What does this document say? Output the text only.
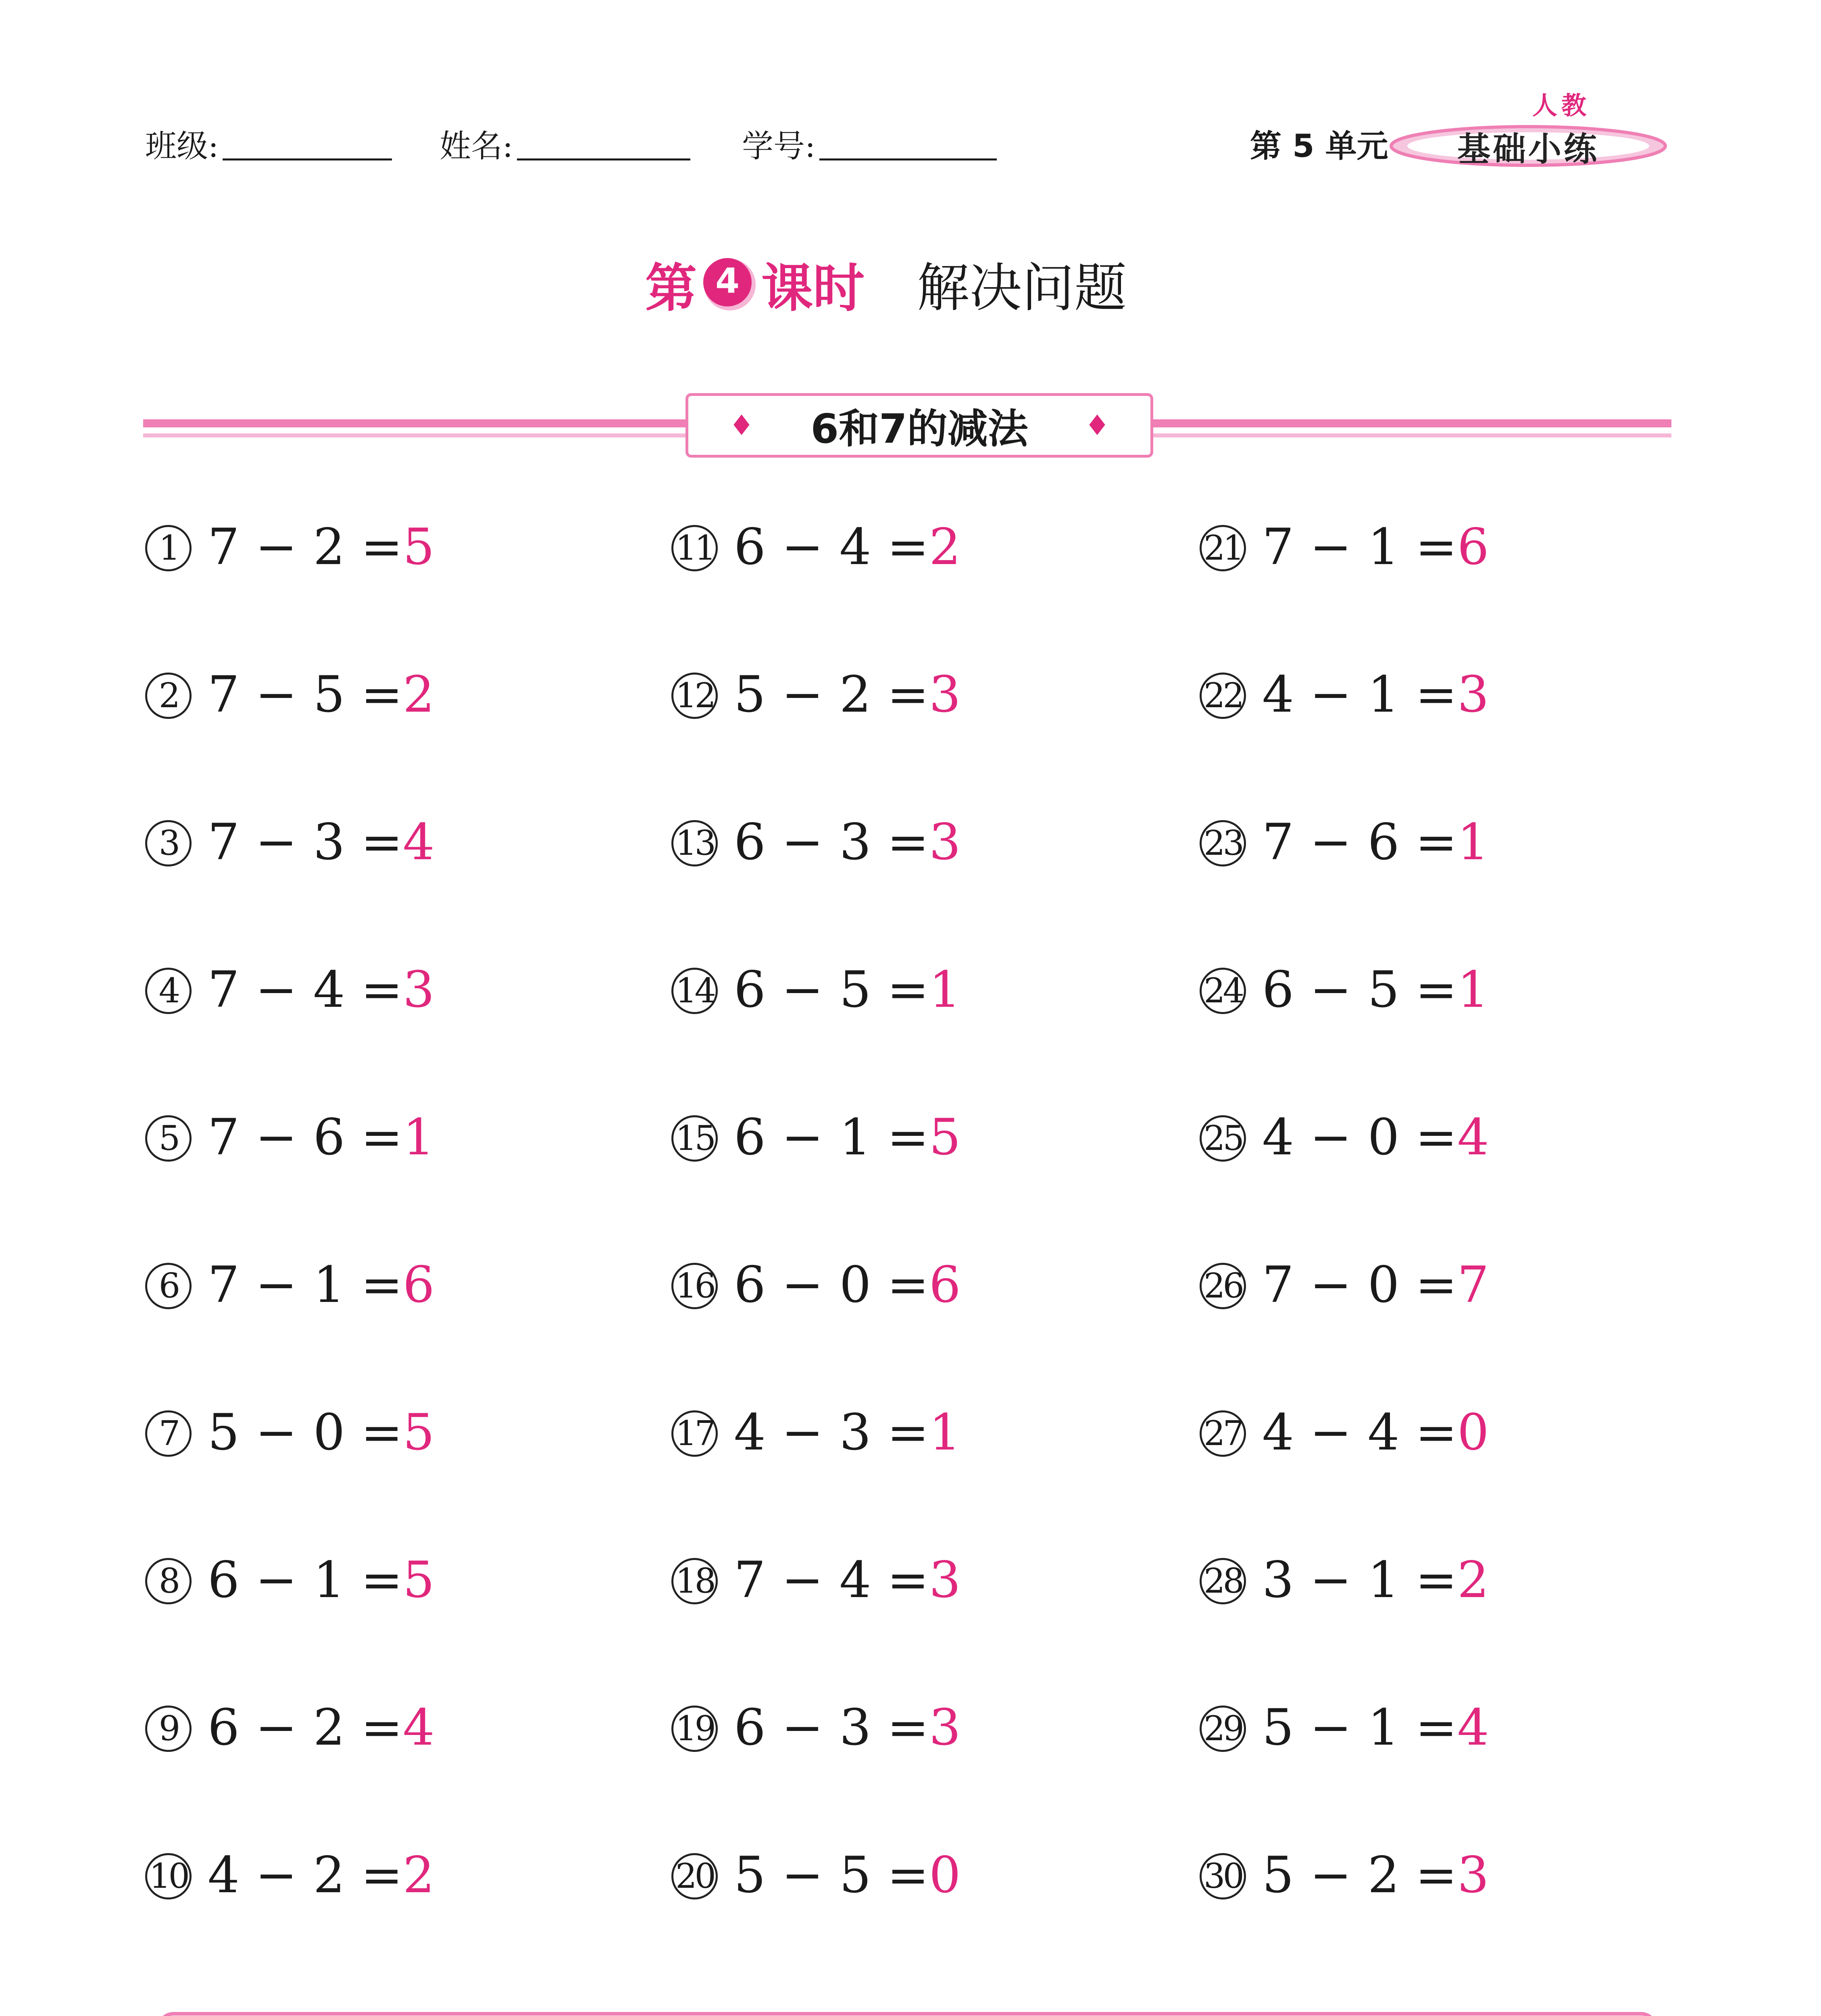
班级:	姓名:	学号:	第 5 单元
人教
基础小练
第 4 课时 解决问题
♦ 6和7的减法 ♦
1 7 − 2 =5
2 7 − 5 =2
3 7 − 3 =4
4 7 − 4 =3
5 7 − 6 =1
6 7 − 1 =6
7 5 − 0 =5
8 6 − 1 =5
9 6 − 2 =4
10 4 − 2 =2
11 6 − 4 =2
12 5 − 2 =3
13 6 − 3 =3
14 6 − 5 =1
15 6 − 1 =5
16 6 − 0 =6
17 4 − 3 =1
18 7 − 4 =3
19 6 − 3 =3
20 5 − 5 =0
21 7 − 1 =6
22 4 − 1 =3
23 7 − 6 =1
24 6 − 5 =1
25 4 − 0 =4
26 7 − 0 =7
27 4 − 4 =0
28 3 − 1 =2
29 5 − 1 =4
30 5 − 2 =3
